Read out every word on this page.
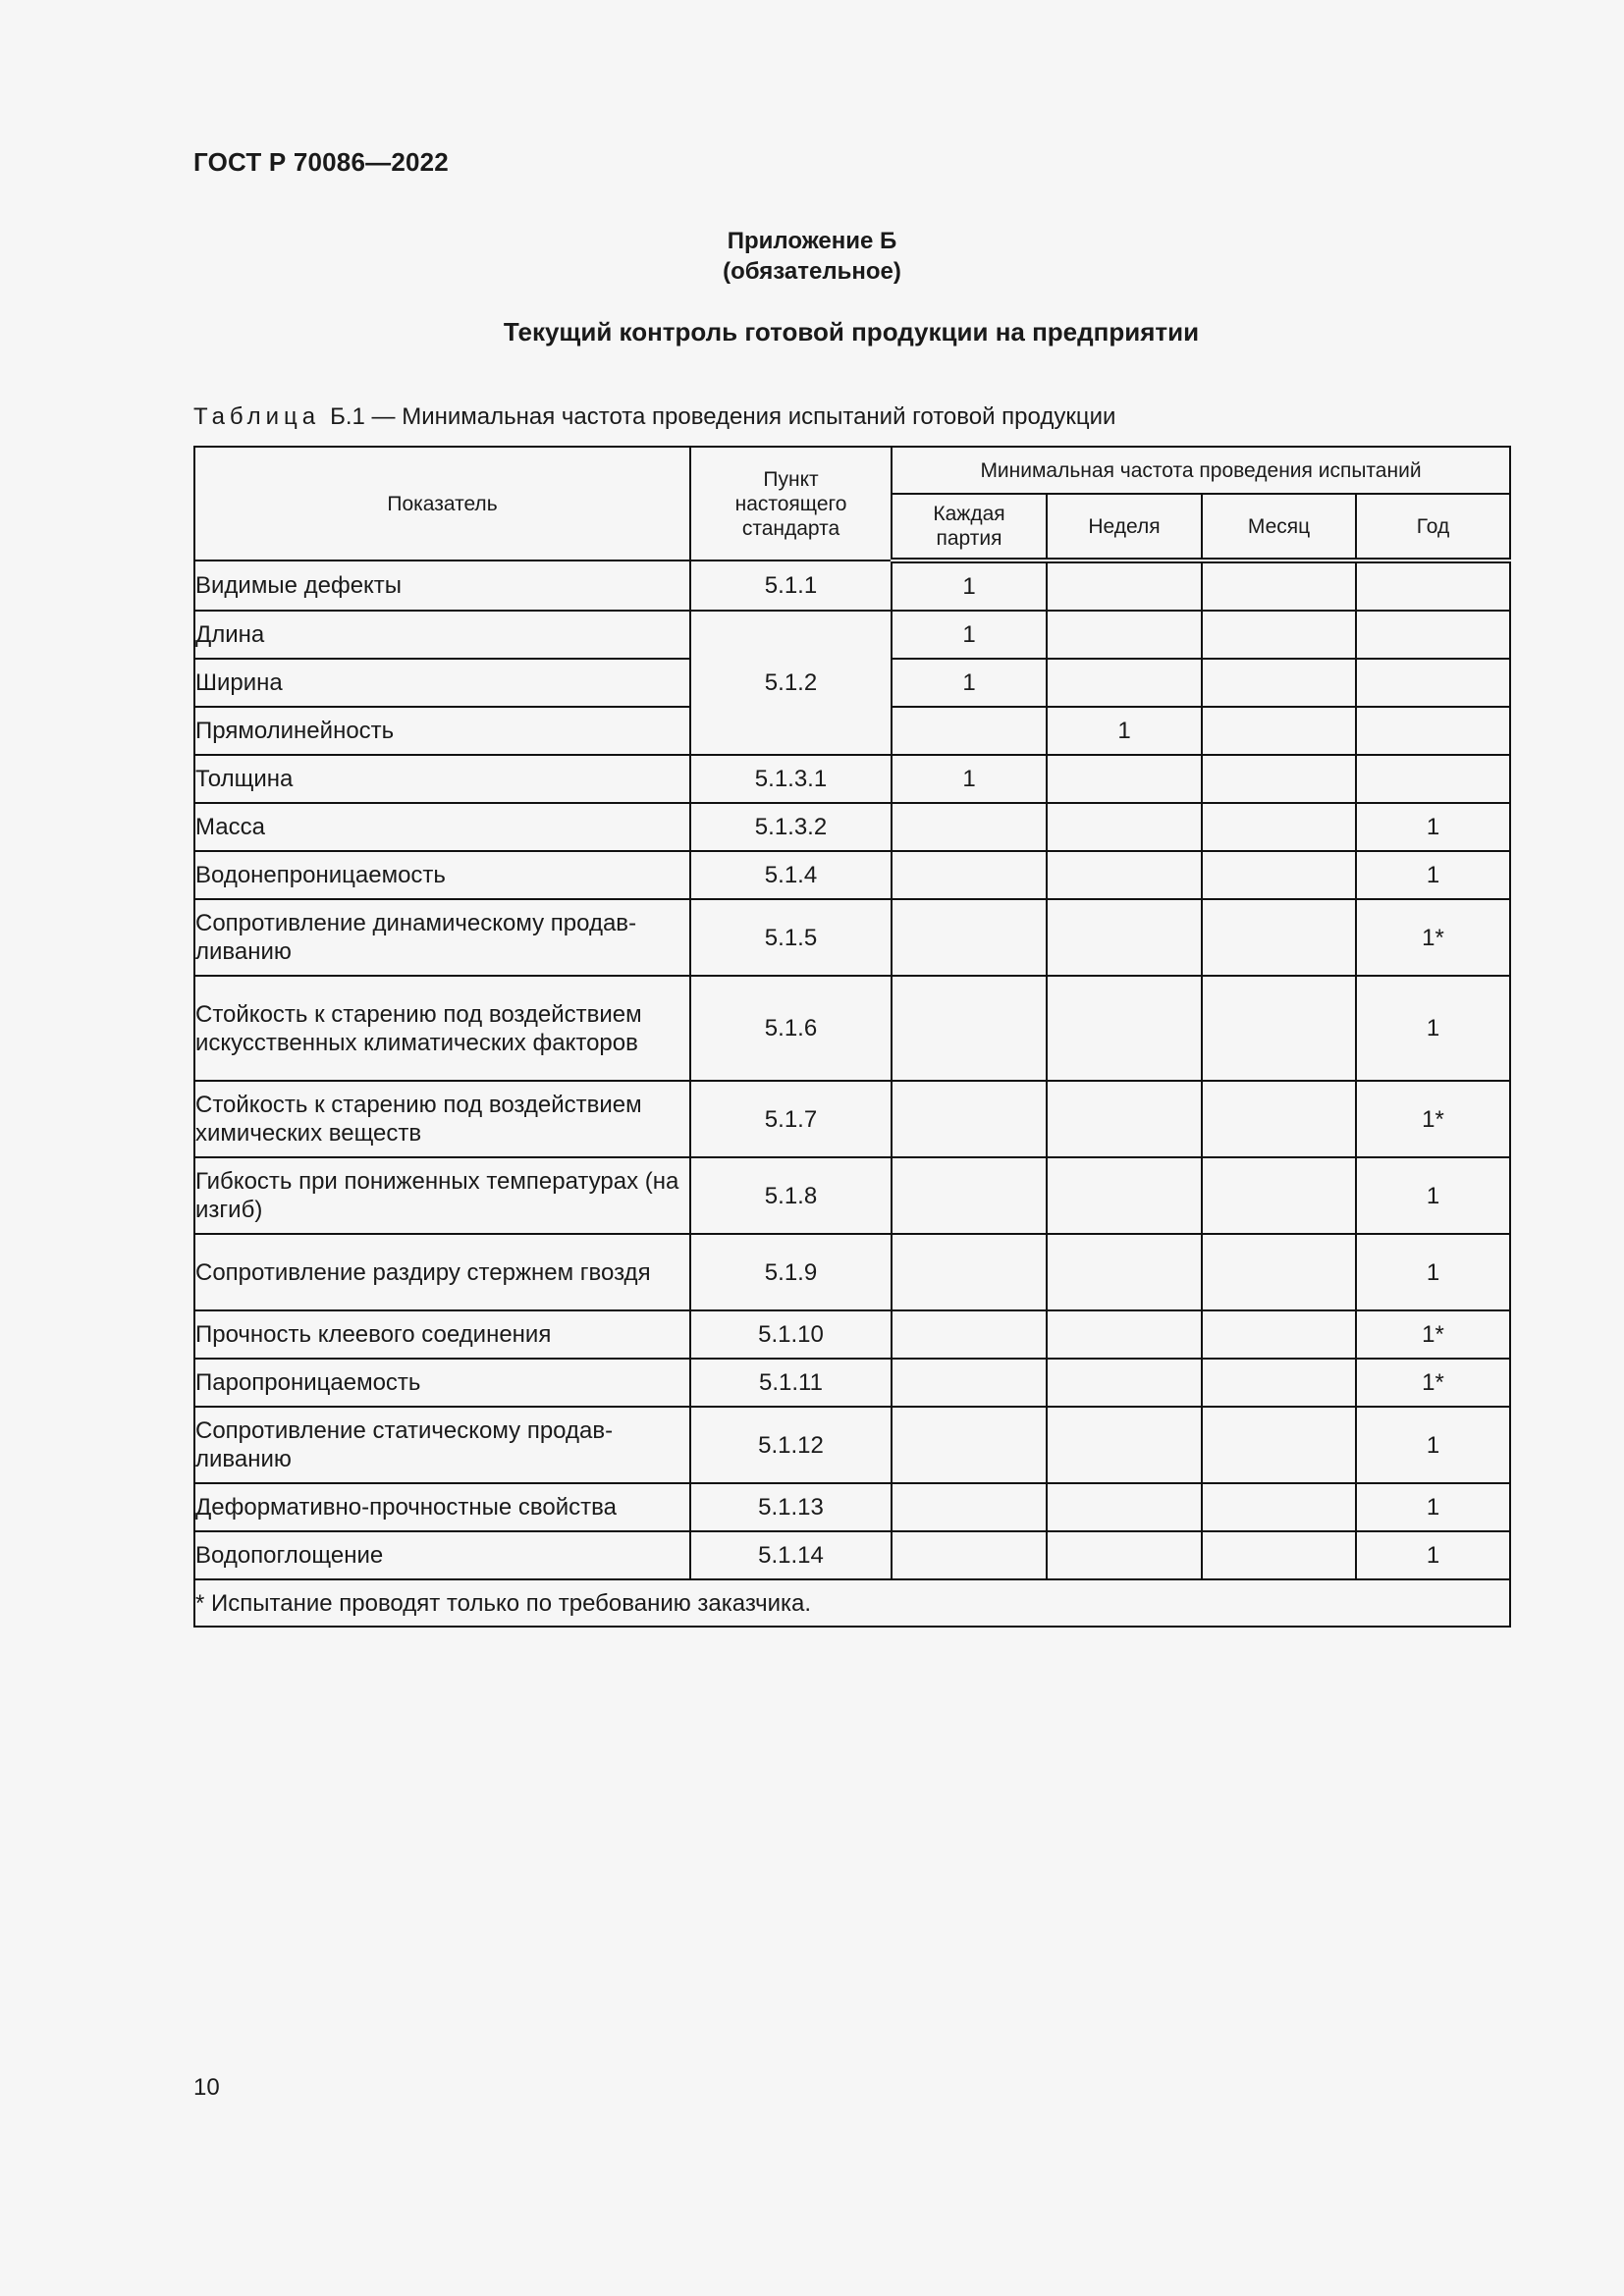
ГОСТ Р 70086—2022
Приложение Б
(обязательное)
Текущий контроль готовой продукции на предприятии
Таблица Б.1 — Минимальная частота проведения испытаний готовой продукции
Показатель	Пункт настоящего стандарта	Минимальная частота проведения испытаний			
		Каждая партия	Неделя	Месяц	Год
Видимые дефекты	5.1.1	1			
Длина	5.1.2	1			
Ширина		1			
Прямолинейность			1		
Толщина	5.1.3.1	1			
Масса	5.1.3.2				1
Водонепроницаемость	5.1.4				1
Сопротивление динамическому продавливанию	5.1.5				1*
Стойкость к старению под воздействием искусственных климатических факторов	5.1.6				1
Стойкость к старению под воздействием химических веществ	5.1.7				1*
Гибкость при пониженных температурах (на изгиб)	5.1.8				1
Сопротивление раздиру стержнем гвоздя	5.1.9				1
Прочность клеевого соединения	5.1.10				1*
Паропроницаемость	5.1.11				1*
Сопротивление статическому продавливанию	5.1.12				1
Деформативно-прочностные свойства	5.1.13				1
Водопоглощение	5.1.14				1
* Испытание проводят только по требованию заказчика.					
10
